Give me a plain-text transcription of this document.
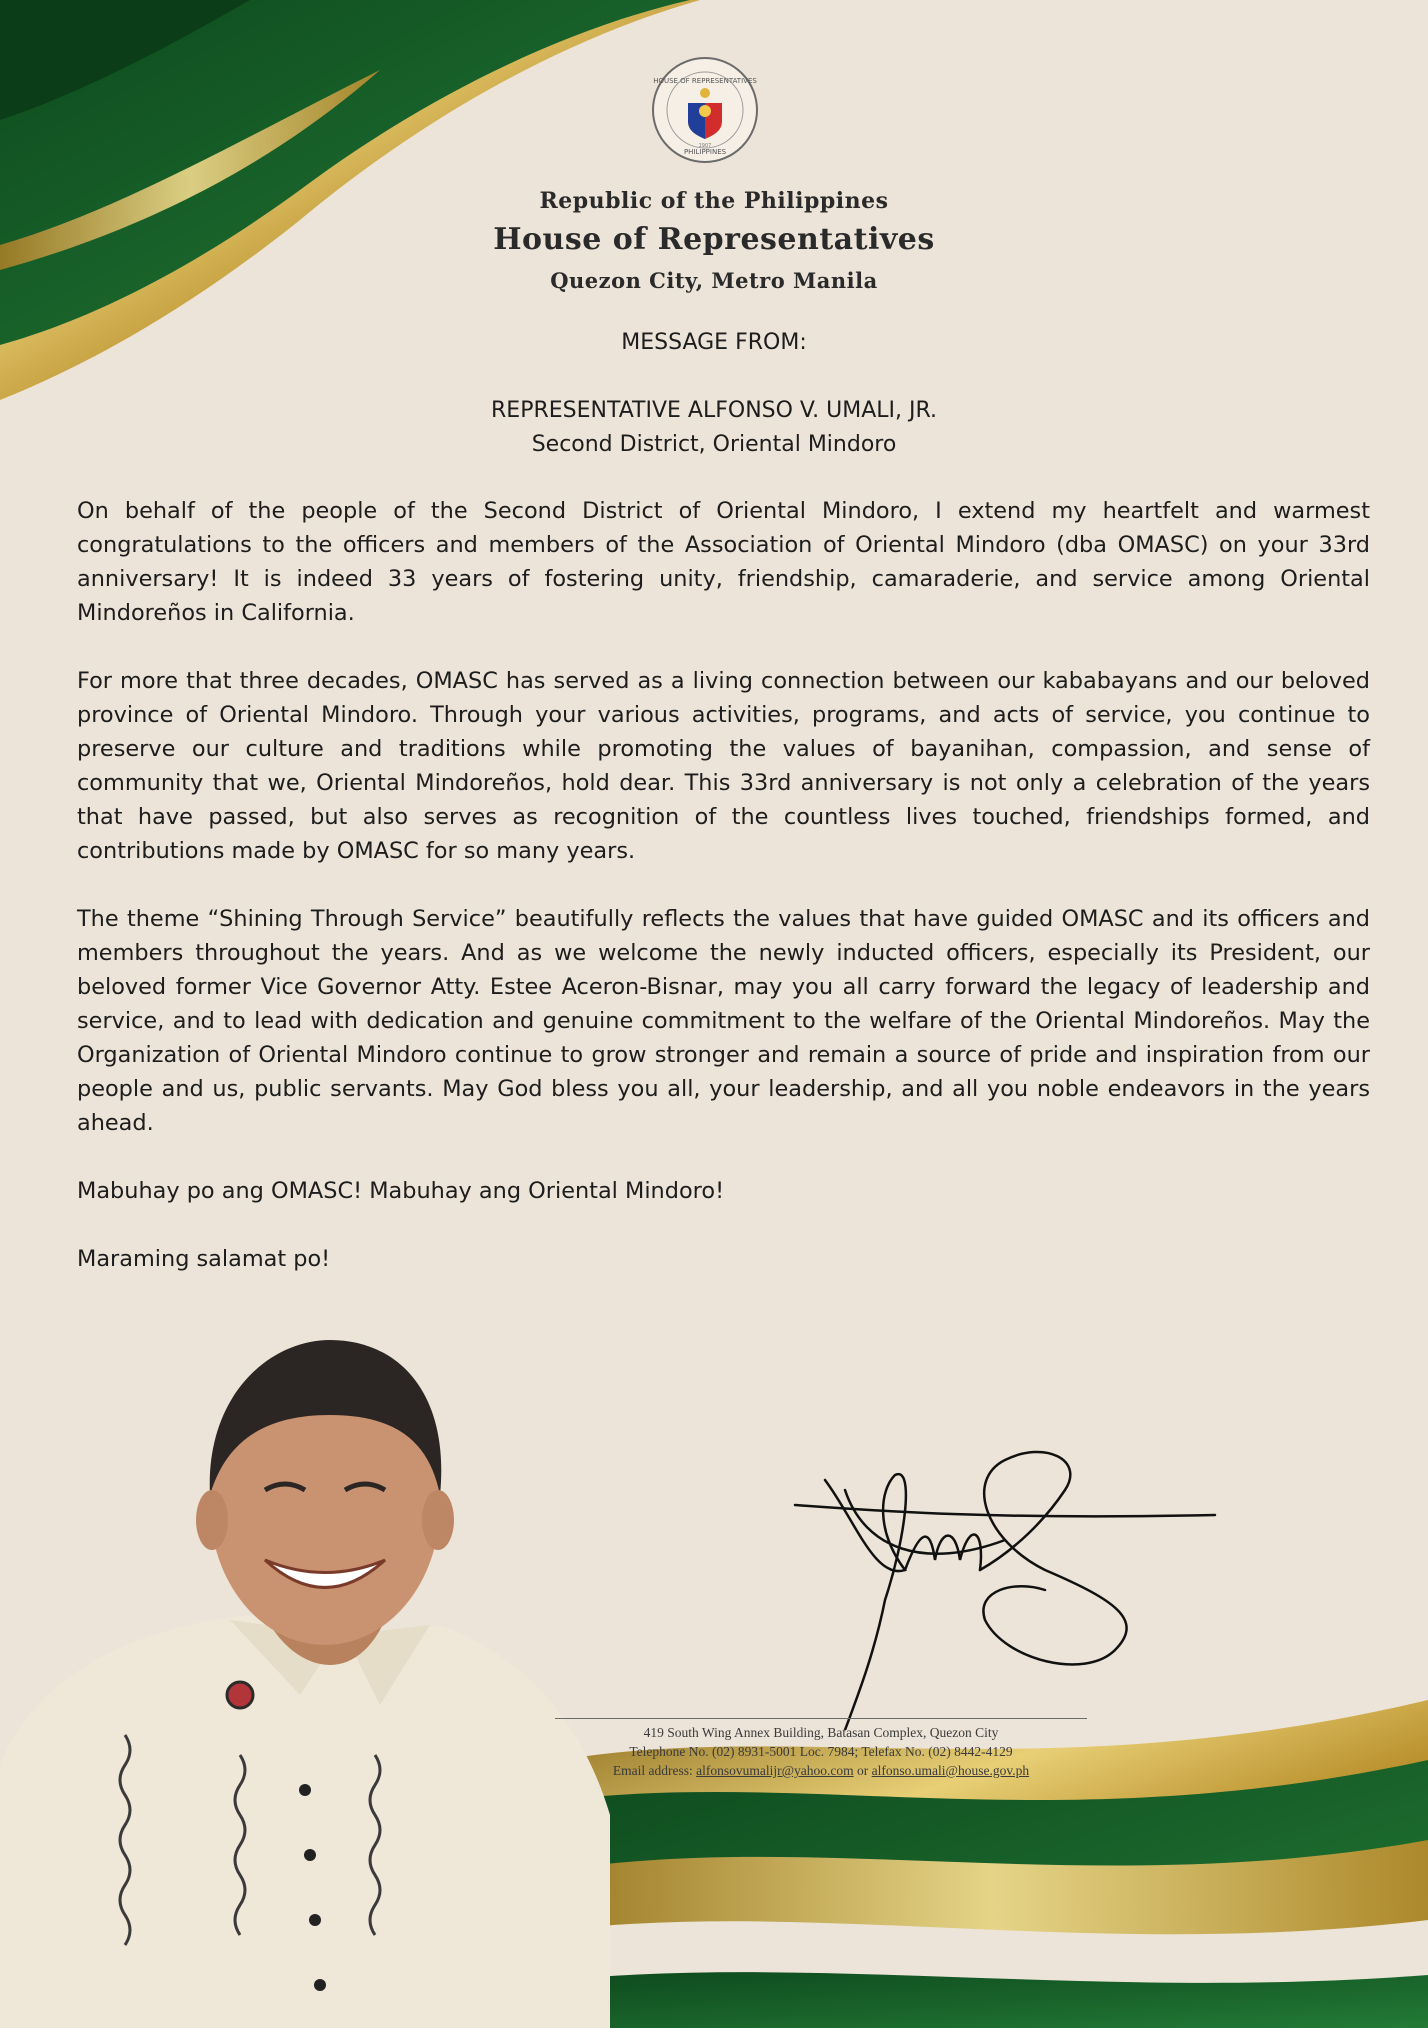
HOUSE OF REPRESENTATIVES
PHILIPPINES
1907
Republic of the Philippines
House of Representatives
Quezon City, Metro Manila
MESSAGE FROM:
REPRESENTATIVE ALFONSO V. UMALI, JR.
Second District, Oriental Mindoro

On behalf of the people of the Second District of Oriental Mindoro, I extend my heartfelt and warmest congratulations to the officers and members of the Association of Oriental Mindoro (dba OMASC) on your 33rd anniversary! It is indeed 33 years of fostering unity, friendship, camaraderie, and service among Oriental Mindoreños in California.

For more that three decades, OMASC has served as a living connection between our kababayans and our beloved province of Oriental Mindoro. Through your various activities, programs, and acts of service, you continue to preserve our culture and traditions while promoting the values of bayanihan, compassion, and sense of community that we, Oriental Mindoreños, hold dear. This 33rd anniversary is not only a celebration of the years that have passed, but also serves as recognition of the countless lives touched, friendships formed, and contributions made by OMASC for so many years.

The theme “Shining Through Service” beautifully reflects the values that have guided OMASC and its officers and members throughout the years. And as we welcome the newly inducted officers, especially its President, our beloved former Vice Governor Atty. Estee Aceron-Bisnar, may you all carry forward the legacy of leadership and service, and to lead with dedication and genuine commitment to the welfare of the Oriental Mindoreños. May the Organization of Oriental Mindoro continue to grow stronger and remain a source of pride and inspiration from our people and us, public servants. May God bless you all, your leadership, and all you noble endeavors in the years ahead.

Mabuhay po ang OMASC! Mabuhay ang Oriental Mindoro!

Maraming salamat po!

419 South Wing Annex Building, Batasan Complex, Quezon City
Telephone No. (02) 8931-5001 Loc. 7984; Telefax No. (02) 8442-4129
Email address: alfonsovumalijr@yahoo.com or alfonso.umali@house.gov.ph
